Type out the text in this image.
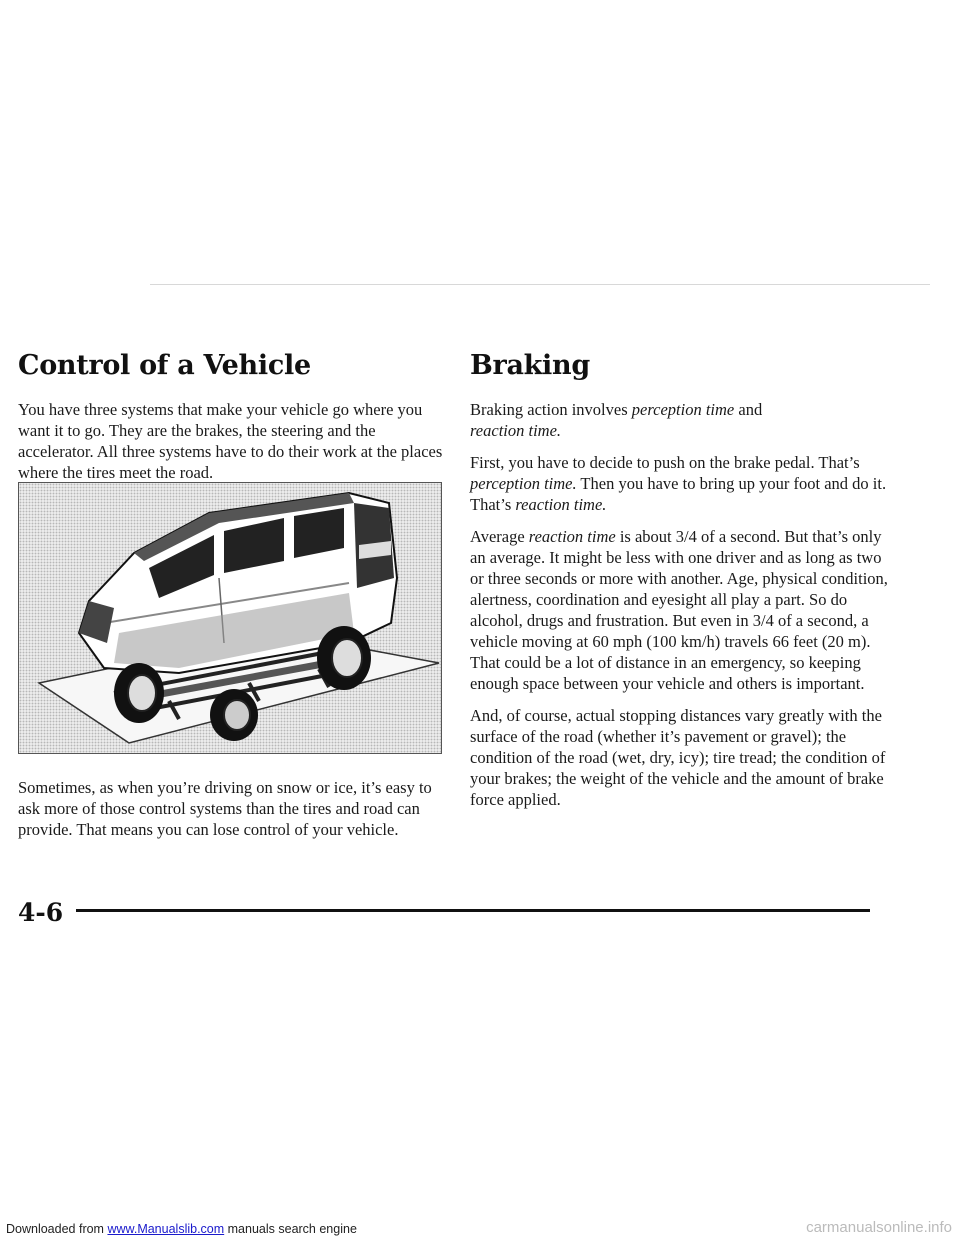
Control of a Vehicle

You have three systems that make your vehicle go where you want it to go. They are the brakes, the steering and the accelerator. All three systems have to do their work at the places where the tires meet the road.

Sometimes, as when you’re driving on snow or ice, it’s easy to ask more of those control systems than the tires and road can provide. That means you can lose control of your vehicle.

Braking

Braking action involves perception time and
reaction time.

First, you have to decide to push on the brake pedal. That’s perception time. Then you have to bring up your foot and do it. That’s reaction time.

Average reaction time is about 3/4 of a second. But that’s only an average. It might be less with one driver and as long as two or three seconds or more with another. Age, physical condition, alertness, coordination and eyesight all play a part. So do alcohol, drugs and frustration. But even in 3/4 of a second, a vehicle moving at 60 mph (100 km/h) travels 66 feet (20 m). That could be a lot of distance in an emergency, so keeping enough space between your vehicle and others is important.

And, of course, actual stopping distances vary greatly with the surface of the road (whether it’s pavement or gravel); the condition of the road (wet, dry, icy); tire tread; the condition of your brakes; the weight of the vehicle and the amount of brake force applied.

4-6
Downloaded from www.Manualslib.com manuals search engine	carmanualsonline.info
